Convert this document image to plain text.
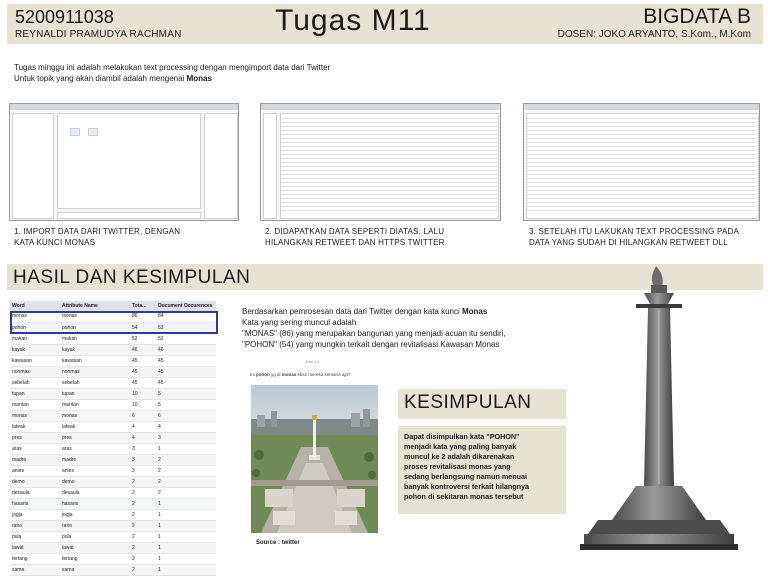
5200911038
REYNALDI PRAMUDYA RACHMAN	Tugas M11	BIGDATA B
DOSEN: JOKO ARYANTO, S.Kom., M.Kom
Tugas minggu ini adalah melakukan text processing dengan mengimport data dari Twitter
Untuk topik yang akan diambil adalah mengenai Monas
1. IMPORT DATA DARI TWITTER, DENGAN
KATA KUNCI MONAS
2. DIDAPATKAN DATA SEPERTI DIATAS, LALU
HILANGKAN RETWEET DAN HTTPS TWITTER
3. SETELAH ITU LAKUKAN TEXT PROCESSING PADA
DATA YANG SUDAH DI HILANGKAN RETWEET DLL
HASIL DAN KESIMPULAN
Word	Attribute Name	Tota...	Document Occurences
monas	monas	86	84
pohon	pohon	54	53
makan	makan	52	52
kayak	kayak	46	46
kawasan	kawasan	45	45
nonmas	nonmas	45	45
sebelah	sebelah	45	45
tupan	tupan	10	5
mantan	mantan	10	5
monas	monas	6	6
lateak	lateak	4	4
pres	pres	4	3
aras	aras	3	1
madre	madre	3	2
anies	anies	3	2
demo	demo	2	2
desaula	desaula	2	2
hasaris	hasaris	2	1
jogja	jogja	2	1
rano	rano	2	1
pula	pula	2	1
lawat	lawat	2	1
tertang	tertang	2	1
sama	sama	2	1
Berdasarkan pemrosesan data dari Twitter dengan kata kunci Monas
Kata yang sering muncul adalah
"MONAS" (86) yang merupakan bangunan yang menjadi acuan itu sendiri,
"POHON" (54) yang mungkin terkait dengan revitalisasi Kawasan Monas
Dec 13
Ini pohon yg di monas kbs2 mereka kemana aja?
Source : twitter
KESIMPULAN
Dapat disimpulkan kata "POHON"
menjadi kata yang paling banyak
muncul ke 2 adalah dikarenakan
proses revitalisasi monas yang
sedang berlangsung namun menuai
banyak kontroversi terkait hilangnya
pohon di sekitaran monas tersebut
